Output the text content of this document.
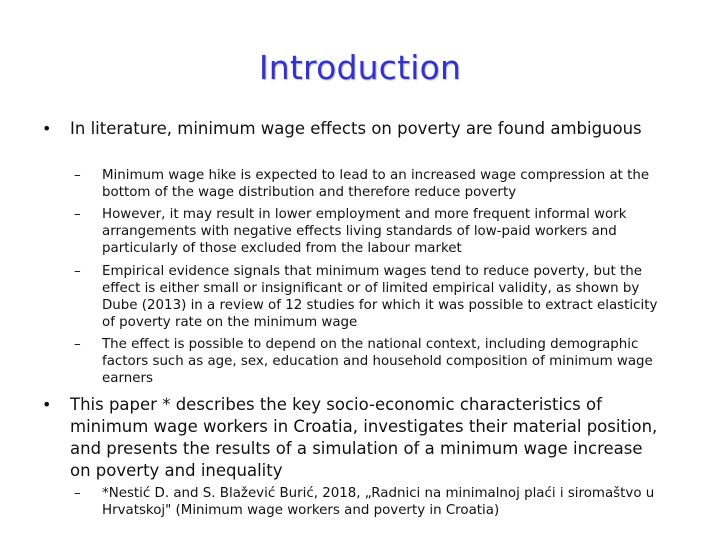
Introduction
• In literature, minimum wage effects on poverty are found ambiguous
– Minimum wage hike is expected to lead to an increased wage compression at the bottom of the wage distribution and therefore reduce poverty
– However, it may result in lower employment and more frequent informal work arrangements with negative effects living standards of low-paid workers and particularly of those excluded from the labour market
– Empirical evidence signals that minimum wages tend to reduce poverty, but the effect is either small or insignificant or of limited empirical validity, as shown by Dube (2013) in a review of 12 studies for which it was possible to extract elasticity of poverty rate on the minimum wage
– The effect is possible to depend on the national context, including demographic factors such as age, sex, education and household composition of minimum wage earners
• This paper * describes the key socio-economic characteristics of minimum wage workers in Croatia, investigates their material position, and presents the results of a simulation of a minimum wage increase on poverty and inequality
– *Nestić D. and S. Blažević Burić, 2018, „Radnici na minimalnoj plaći i siromaštvo u Hrvatskoj" (Minimum wage workers and poverty in Croatia)
